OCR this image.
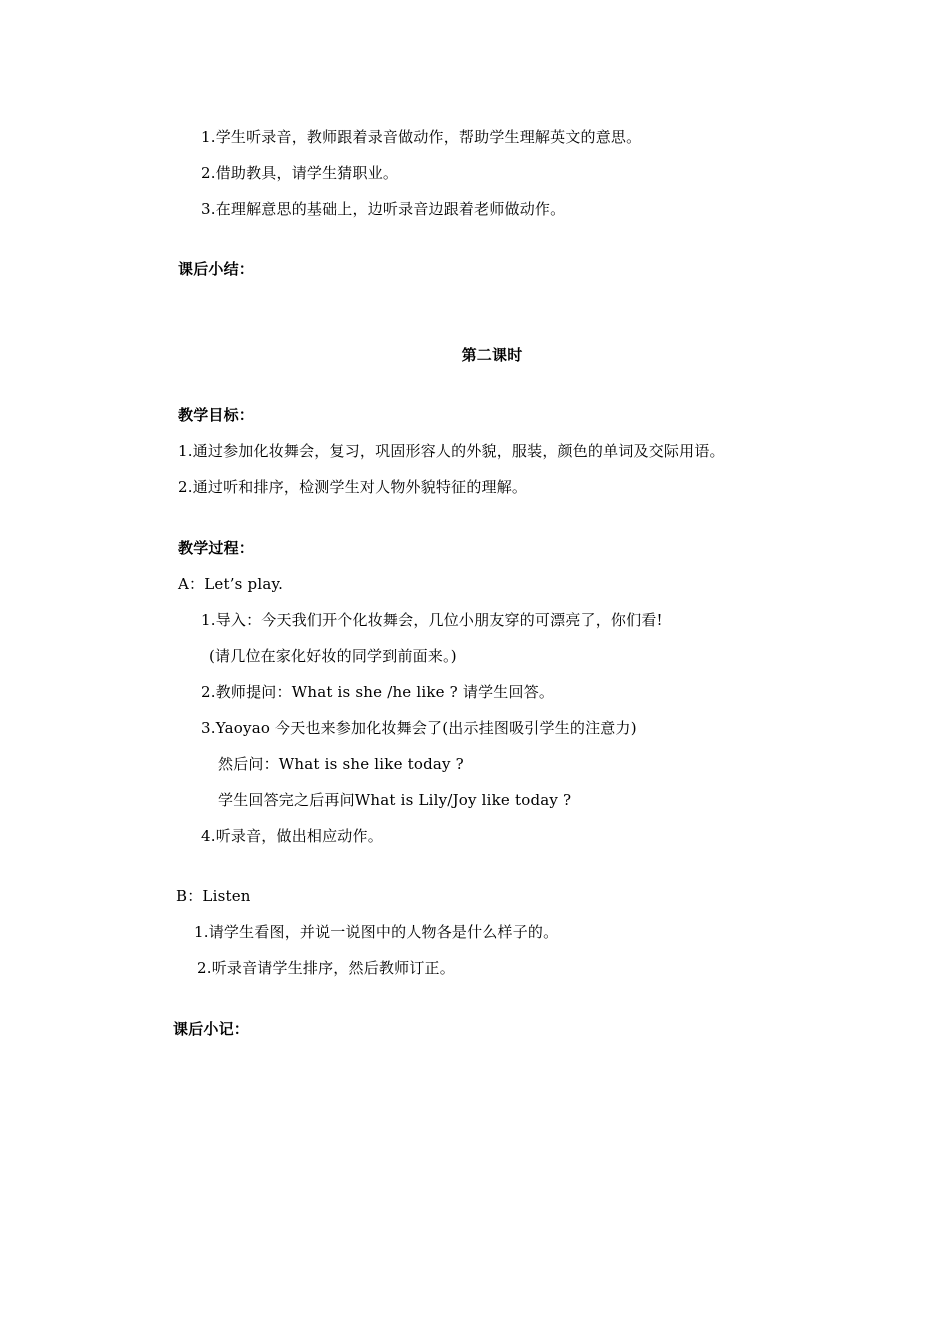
1.学生听录音，教师跟着录音做动作，帮助学生理解英文的意思。
2.借助教具，请学生猜职业。
3.在理解意思的基础上，边听录音边跟着老师做动作。
课后小结：
第二课时
教学目标：
1.通过参加化妆舞会，复习，巩固形容人的外貌，服装，颜色的单词及交际用语。
2.通过听和排序，检测学生对人物外貌特征的理解。
教学过程：
A：Let’s play.
1.导入：今天我们开个化妆舞会，几位小朋友穿的可漂亮了，你们看!
(请几位在家化好妆的同学到前面来。)
2.教师提问：What is she /he like ? 请学生回答。
3.Yaoyao 今天也来参加化妆舞会了(出示挂图吸引学生的注意力)
然后问：What is she like today ?
学生回答完之后再问What is Lily/Joy like today ?
4.听录音，做出相应动作。
B：Listen
1.请学生看图，并说一说图中的人物各是什么样子的。
2.听录音请学生排序，然后教师订正。
课后小记：
